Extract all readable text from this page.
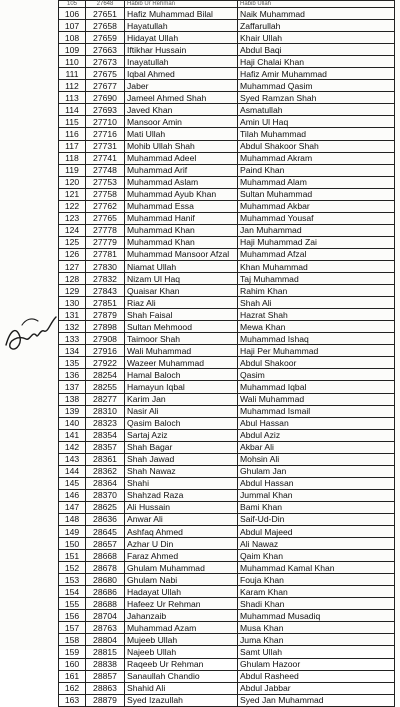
105	27648	Habib Ur Rehman	Habib Ullah
106	27651	Hafiz Muhammad Bilal	Naik Muhammad
107	27658	Hayatullah	Zaffarullah
108	27659	Hidayat Ullah	Khair Ullah
109	27663	Iftikhar Hussain	Abdul Baqi
110	27673	Inayatullah	Haji Chalai Khan
111	27675	Iqbal Ahmed	Hafiz Amir Muhammad
112	27677	Jaber	Muhammad Qasim
113	27690	Jameel Ahmed Shah	Syed Ramzan Shah
114	27693	Javed Khan	Asmatullah
115	27710	Mansoor Amin	Amin Ul Haq
116	27716	Mati Ullah	Tilah Muhammad
117	27731	Mohib Ullah Shah	Abdul Shakoor Shah
118	27741	Muhammad Adeel	Muhammad Akram
119	27748	Muhammad Arif	Paind Khan
120	27753	Muhammad Aslam	Muhammad Alam
121	27758	Muhammad Ayub Khan	Sultan Muhammad
122	27762	Muhammad Essa	Muhammad Akbar
123	27765	Muhammad Hanif	Muhammad Yousaf
124	27778	Muhammad Khan	Jan Muhammad
125	27779	Muhammad Khan	Haji Muhammad Zai
126	27781	Muhammad Mansoor Afzal	Muhammad Afzal
127	27830	Niamat Ullah	Khan Muhammad
128	27832	Nizam Ul Haq	Taj Muhammad
129	27843	Quaisar Khan	Rahim Khan
130	27851	Riaz Ali	Shah Ali
131	27879	Shah Faisal	Hazrat Shah
132	27898	Sultan Mehmood	Mewa Khan
133	27908	Taimoor Shah	Muhammad Ishaq
134	27916	Wali Muhammad	Haji Per Muhammad
135	27922	Wazeer Muhammad	Abdul Shakoor
136	28254	Hamal Baloch	Qasim
137	28255	Hamayun Iqbal	Muhammad Iqbal
138	28277	Karim Jan	Wali Muhammad
139	28310	Nasir Ali	Muhammad Ismail
140	28323	Qasim Baloch	Abul Hassan
141	28354	Sartaj Aziz	Abdul Aziz
142	28357	Shah Bagar	Akbar Ali
143	28361	Shah Jawad	Mohsin Ali
144	28362	Shah Nawaz	Ghulam Jan
145	28364	Shahi	Abdul Hassan
146	28370	Shahzad Raza	Jummal Khan
147	28625	Ali Hussain	Bami Khan
148	28636	Anwar Ali	Saif-Ud-Din
149	28645	Ashfaq Ahmed	Abdul Majeed
150	28657	Azhar U Din	Ali Nawaz
151	28668	Faraz Ahmed	Qaim Khan
152	28678	Ghulam Muhammad	Muhammad Kamal Khan
153	28680	Ghulam Nabi	Fouja Khan
154	28686	Hadayat Ullah	Karam Khan
155	28688	Hafeez Ur Rehman	Shadi Khan
156	28704	Jahanzaib	Muhammad Musadiq
157	28763	Muhammad Azam	Musa Khan
158	28804	Mujeeb Ullah	Juma Khan
159	28815	Najeeb Ullah	Samt Ullah
160	28838	Raqeeb Ur Rehman	Ghulam Hazoor
161	28857	Sanaullah Chandio	Abdul Rasheed
162	28863	Shahid Ali	Abdul Jabbar
163	28879	Syed Izazullah	Syed Jan Muhammad
